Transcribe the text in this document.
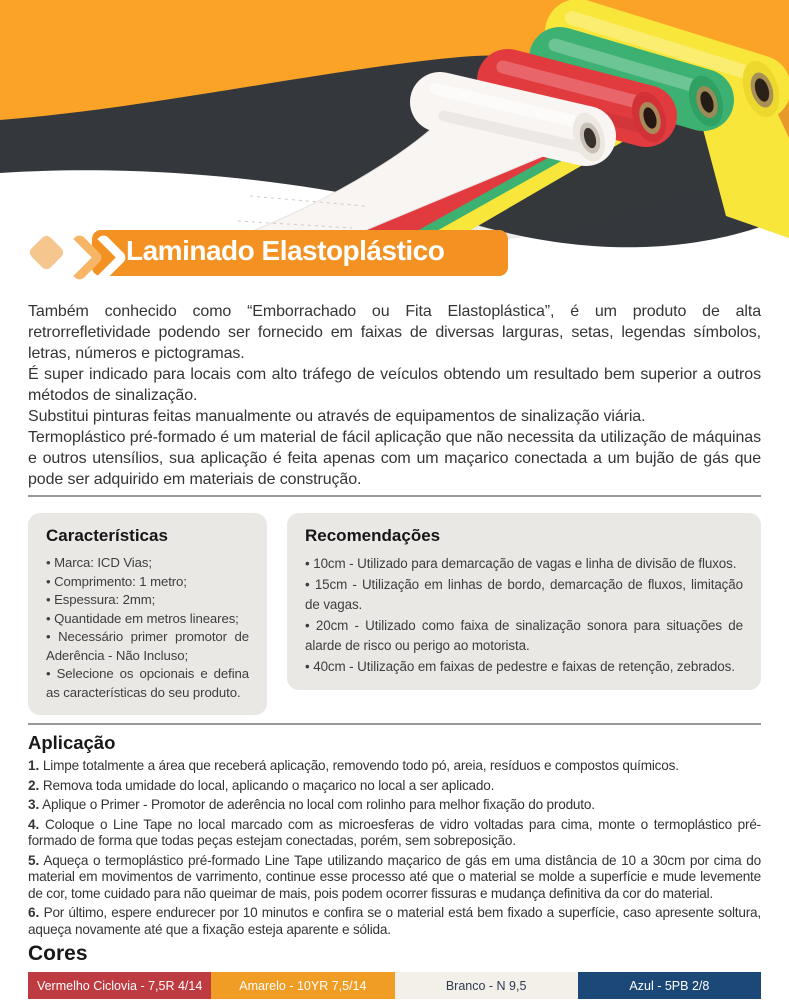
Laminado Elastoplástico

Também conhecido como “Emborrachado ou Fita Elastoplástica”, é um produto de alta retrorrefletividade podendo ser fornecido em faixas de diversas larguras, setas, legendas símbolos, letras, números e pictogramas.

É super indicado para locais com alto tráfego de veículos obtendo um resultado bem superior a outros métodos de sinalização.

Substitui pinturas feitas manualmente ou através de equipamentos de sinalização viária.

Termoplástico pré-formado é um material de fácil aplicação que não necessita da utilização de máquinas e outros utensílios, sua aplicação é feita apenas com um maçarico conectada a um bujão de gás que pode ser adquirido em materiais de construção.

Características
• Marca: ICD Vias;
• Comprimento: 1 metro;
• Espessura: 2mm;
• Quantidade em metros lineares;
• Necessário primer promotor de Aderência - Não Incluso;
• Selecione os opcionais e defina as características do seu produto.
Recomendações
• 10cm - Utilizado para demarcação de vagas e linha de divisão de fluxos.
• 15cm - Utilização em linhas de bordo, demarcação de fluxos, limitação de vagas.
• 20cm - Utilizado como faixa de sinalização sonora para situações de alarde de risco ou perigo ao motorista.
• 40cm - Utilização em faixas de pedestre e faixas de retenção, zebrados.
Aplicação
1. Limpe totalmente a área que receberá aplicação, removendo todo pó, areia, resíduos e compostos químicos.
2. Remova toda umidade do local, aplicando o maçarico no local a ser aplicado.
3. Aplique o Primer - Promotor de aderência no local com rolinho para melhor fixação do produto.
4. Coloque o Line Tape no local marcado com as microesferas de vidro voltadas para cima, monte o termoplástico pré-formado de forma que todas peças estejam conectadas, porém, sem sobreposição.
5. Aqueça o termoplástico pré-formado Line Tape utilizando maçarico de gás em uma distância de 10 a 30cm por cima do material em movimentos de varrimento, continue esse processo até que o material se molde a superfície e mude levemente de cor, tome cuidado para não queimar de mais, pois podem ocorrer fissuras e mudança definitiva da cor do material.
6. Por último, espere endurecer por 10 minutos e confira se o material está bem fixado a superfície, caso apresente soltura, aqueça novamente até que a fixação esteja aparente e sólida.
Cores
Vermelho Ciclovia - 7,5R 4/14	Amarelo - 10YR 7,5/14	Branco - N 9,5	Azul - 5PB 2/8
